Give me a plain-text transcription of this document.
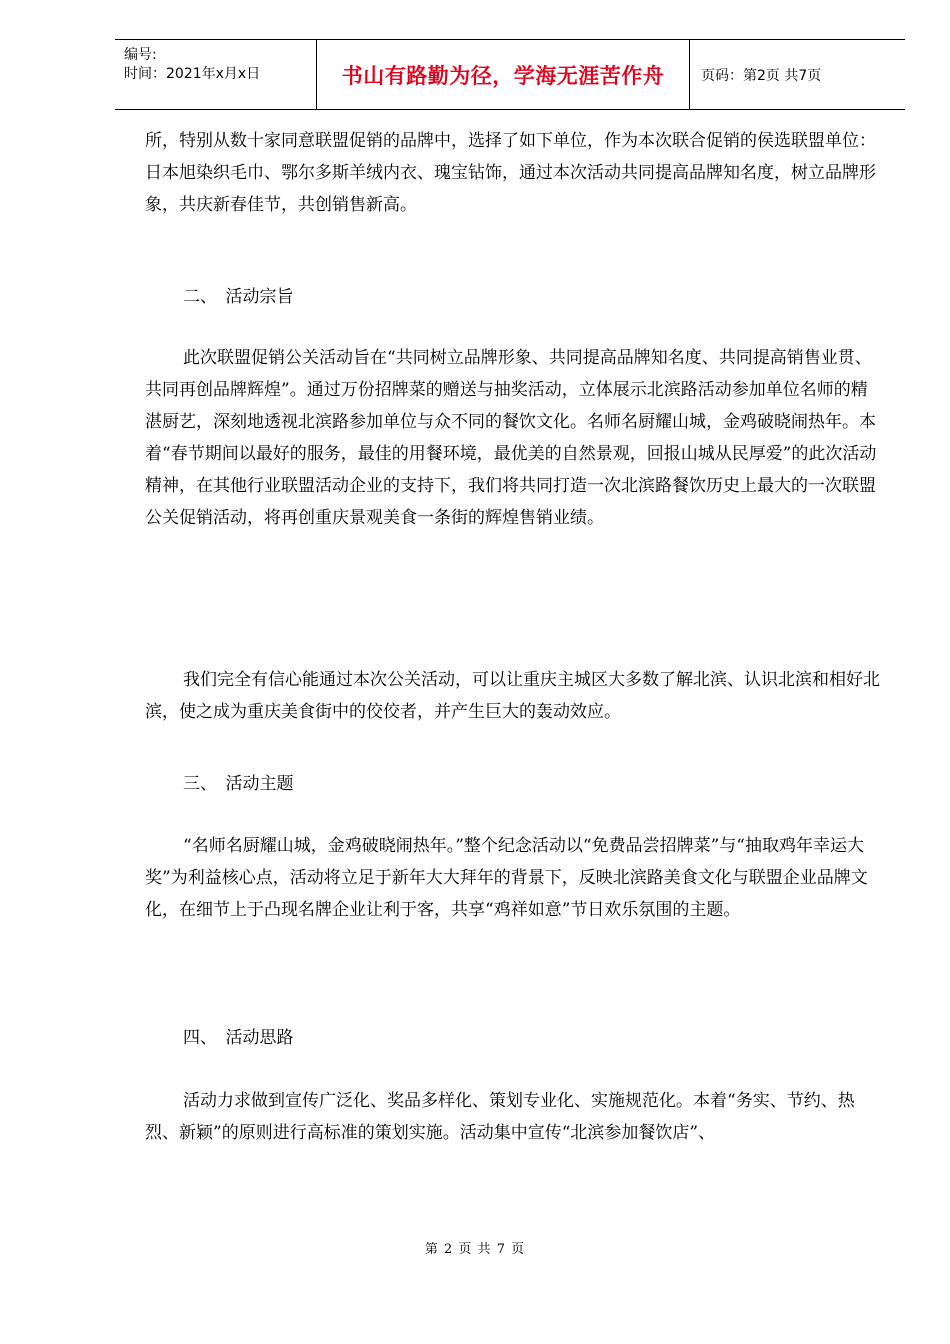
编号:
时间：2021年x月x日	书山有路勤为径，学海无涯苦作舟	页码：第2页 共7页

所，特别从数十家同意联盟促销的品牌中，选择了如下单位，作为本次联合促销的侯选联盟单位：日本旭染织毛巾、鄂尔多斯羊绒内衣、瑰宝钻饰，通过本次活动共同提高品牌知名度，树立品牌形象，共庆新春佳节，共创销售新高。

二、　活动宗旨

此次联盟促销公关活动旨在“共同树立品牌形象、共同提高品牌知名度、共同提高销售业贯、共同再创品牌辉煌”。通过万份招牌菜的赠送与抽奖活动，立体展示北滨路活动参加单位名师的精湛厨艺，深刻地透视北滨路参加单位与众不同的餐饮文化。名师名厨耀山城，金鸡破晓闹热年。本着“春节期间以最好的服务，最佳的用餐环境，最优美的自然景观，回报山城从民厚爱”的此次活动精神，在其他行业联盟活动企业的支持下，我们将共同打造一次北滨路餐饮历史上最大的一次联盟公关促销活动，将再创重庆景观美食一条街的辉煌售销业绩。

我们完全有信心能通过本次公关活动，可以让重庆主城区大多数了解北滨、认识北滨和相好北滨，使之成为重庆美食街中的佼佼者，并产生巨大的轰动效应。

三、　活动主题

“名师名厨耀山城，金鸡破晓闹热年。”整个纪念活动以“免费品尝招牌菜”与“抽取鸡年幸运大奖”为利益核心点，活动将立足于新年大大拜年的背景下，反映北滨路美食文化与联盟企业品牌文化，在细节上于凸现名牌企业让利于客，共享“鸡祥如意”节日欢乐氛围的主题。

四、　活动思路

活动力求做到宣传广泛化、奖品多样化、策划专业化、实施规范化。本着“务实、节约、热烈、新颖”的原则进行高标准的策划实施。活动集中宣传“北滨参加餐饮店”、

第 2 页 共 7 页
